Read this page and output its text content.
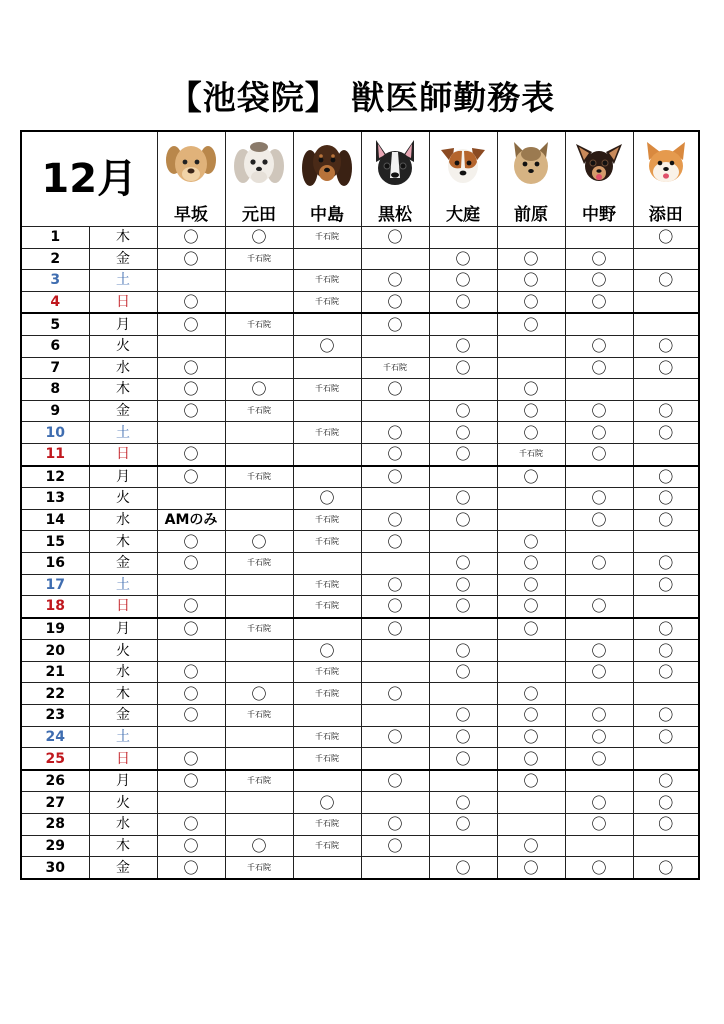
【池袋院】 獣医師勤務表
12月		早坂	元田	中島	黒松	大庭	前原	中野	添田

1	木	〇	〇	千石院	〇				〇
2	金	〇	千石院			〇	〇	〇	
3	土			千石院	〇	〇	〇	〇	〇
4	日	〇		千石院	〇	〇	〇	〇	
5	月	〇	千石院		〇		〇		
6	火			〇		〇		〇	〇
7	水	〇			千石院	〇		〇	〇
8	木	〇	〇	千石院	〇		〇		
9	金	〇	千石院			〇	〇	〇	〇
10	土			千石院	〇	〇	〇	〇	〇
11	日	〇			〇	〇	千石院	〇	
12	月	〇	千石院		〇		〇		〇
13	火			〇		〇		〇	〇
14	水	AMのみ		千石院	〇	〇		〇	〇
15	木	〇	〇	千石院	〇		〇		
16	金	〇	千石院			〇	〇	〇	〇
17	土			千石院	〇	〇	〇		〇
18	日	〇		千石院	〇	〇	〇	〇	
19	月	〇	千石院		〇		〇		〇
20	火			〇		〇		〇	〇
21	水	〇		千石院		〇		〇	〇
22	木	〇	〇	千石院	〇		〇		
23	金	〇	千石院			〇	〇	〇	〇
24	土			千石院	〇	〇	〇	〇	〇
25	日	〇		千石院		〇	〇	〇	
26	月	〇	千石院		〇		〇		〇
27	火			〇		〇		〇	〇
28	水	〇		千石院	〇	〇		〇	〇
29	木	〇	〇	千石院	〇		〇		
30	金	〇	千石院			〇	〇	〇	〇
